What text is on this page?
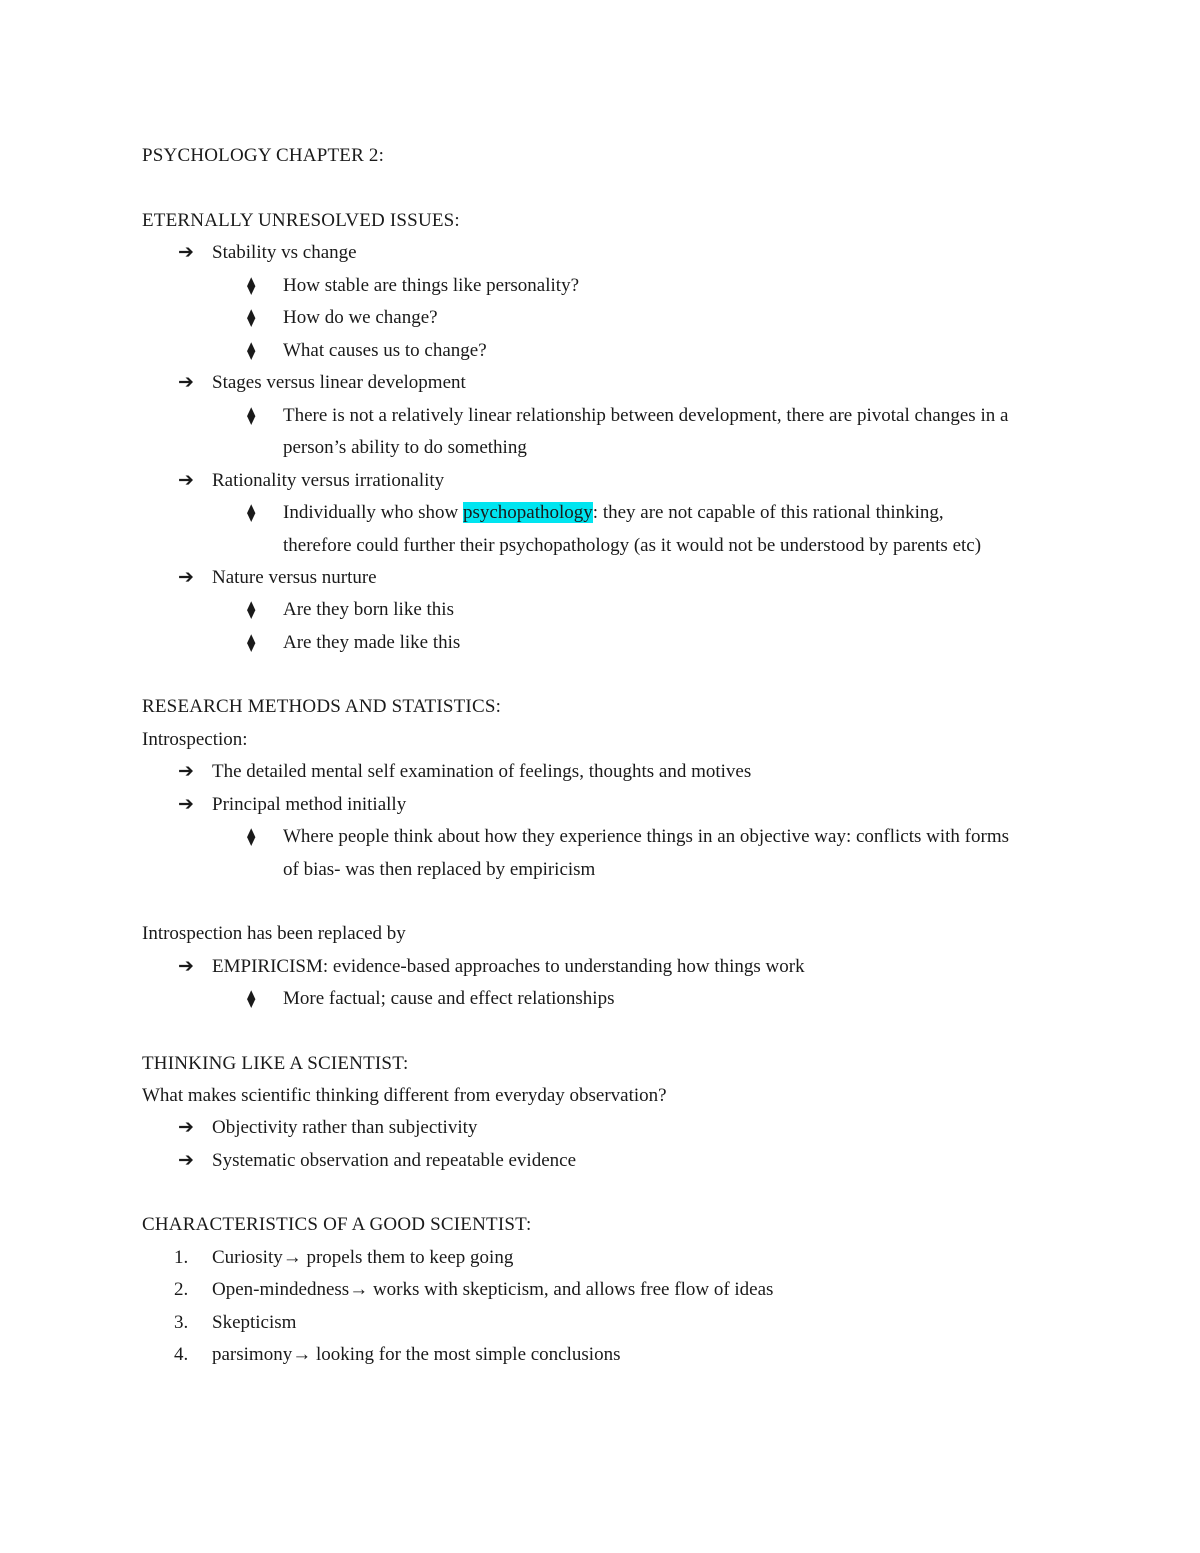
PSYCHOLOGY CHAPTER 2:
ETERNALLY UNRESOLVED ISSUES:
➔ Stability vs change
⧫	How stable are things like personality?
⧫	How do we change?
⧫	What causes us to change?
➔ Stages versus linear development
⧫	There is not a relatively linear relationship between development, there are pivotal changes in a
person’s ability to do something
➔ Rationality versus irrationality
⧫	Individually who show psychopathology: they are not capable of this rational thinking,
therefore could further their psychopathology (as it would not be understood by parents etc)
➔ Nature versus nurture
⧫	Are they born like this
⧫	Are they made like this
RESEARCH METHODS AND STATISTICS:
Introspection:
➔ The detailed mental self examination of feelings, thoughts and motives
➔ Principal method initially
⧫	Where people think about how they experience things in an objective way: conflicts with forms
of bias- was then replaced by empiricism
Introspection has been replaced by
➔ EMPIRICISM: evidence-based approaches to understanding how things work
⧫	More factual; cause and effect relationships
THINKING LIKE A SCIENTIST:
What makes scientific thinking different from everyday observation?
➔ Objectivity rather than subjectivity
➔ Systematic observation and repeatable evidence
CHARACTERISTICS OF A GOOD SCIENTIST:
1.	Curiosity→ propels them to keep going
2.	Open-mindedness→ works with skepticism, and allows free flow of ideas
3.	Skepticism
4.	parsimony→ looking for the most simple conclusions
